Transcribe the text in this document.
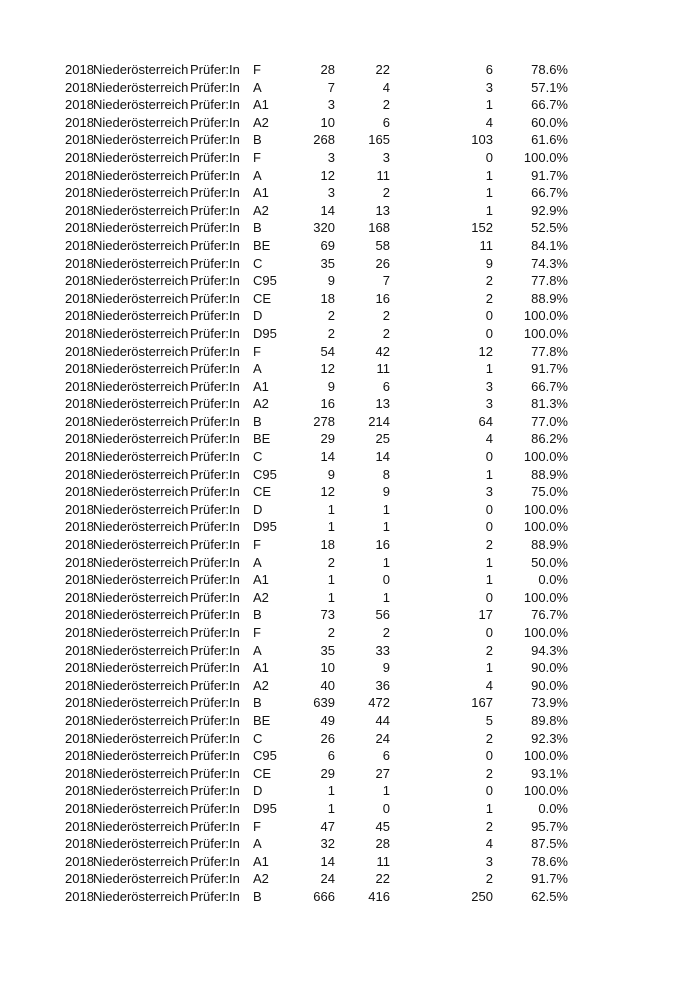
2018 Niederösterreich Prüfer:In	F	28	22	6	78.6%
2018 Niederösterreich Prüfer:In	A	7	4	3	57.1%
2018 Niederösterreich Prüfer:In	A1	3	2	1	66.7%
2018 Niederösterreich Prüfer:In	A2	10	6	4	60.0%
2018 Niederösterreich Prüfer:In	B	268	165	103	61.6%
2018 Niederösterreich Prüfer:In	F	3	3	0	100.0%
2018 Niederösterreich Prüfer:In	A	12	11	1	91.7%
2018 Niederösterreich Prüfer:In	A1	3	2	1	66.7%
2018 Niederösterreich Prüfer:In	A2	14	13	1	92.9%
2018 Niederösterreich Prüfer:In	B	320	168	152	52.5%
2018 Niederösterreich Prüfer:In	BE	69	58	11	84.1%
2018 Niederösterreich Prüfer:In	C	35	26	9	74.3%
2018 Niederösterreich Prüfer:In	C95	9	7	2	77.8%
2018 Niederösterreich Prüfer:In	CE	18	16	2	88.9%
2018 Niederösterreich Prüfer:In	D	2	2	0	100.0%
2018 Niederösterreich Prüfer:In	D95	2	2	0	100.0%
2018 Niederösterreich Prüfer:In	F	54	42	12	77.8%
2018 Niederösterreich Prüfer:In	A	12	11	1	91.7%
2018 Niederösterreich Prüfer:In	A1	9	6	3	66.7%
2018 Niederösterreich Prüfer:In	A2	16	13	3	81.3%
2018 Niederösterreich Prüfer:In	B	278	214	64	77.0%
2018 Niederösterreich Prüfer:In	BE	29	25	4	86.2%
2018 Niederösterreich Prüfer:In	C	14	14	0	100.0%
2018 Niederösterreich Prüfer:In	C95	9	8	1	88.9%
2018 Niederösterreich Prüfer:In	CE	12	9	3	75.0%
2018 Niederösterreich Prüfer:In	D	1	1	0	100.0%
2018 Niederösterreich Prüfer:In	D95	1	1	0	100.0%
2018 Niederösterreich Prüfer:In	F	18	16	2	88.9%
2018 Niederösterreich Prüfer:In	A	2	1	1	50.0%
2018 Niederösterreich Prüfer:In	A1	1	0	1	0.0%
2018 Niederösterreich Prüfer:In	A2	1	1	0	100.0%
2018 Niederösterreich Prüfer:In	B	73	56	17	76.7%
2018 Niederösterreich Prüfer:In	F	2	2	0	100.0%
2018 Niederösterreich Prüfer:In	A	35	33	2	94.3%
2018 Niederösterreich Prüfer:In	A1	10	9	1	90.0%
2018 Niederösterreich Prüfer:In	A2	40	36	4	90.0%
2018 Niederösterreich Prüfer:In	B	639	472	167	73.9%
2018 Niederösterreich Prüfer:In	BE	49	44	5	89.8%
2018 Niederösterreich Prüfer:In	C	26	24	2	92.3%
2018 Niederösterreich Prüfer:In	C95	6	6	0	100.0%
2018 Niederösterreich Prüfer:In	CE	29	27	2	93.1%
2018 Niederösterreich Prüfer:In	D	1	1	0	100.0%
2018 Niederösterreich Prüfer:In	D95	1	0	1	0.0%
2018 Niederösterreich Prüfer:In	F	47	45	2	95.7%
2018 Niederösterreich Prüfer:In	A	32	28	4	87.5%
2018 Niederösterreich Prüfer:In	A1	14	11	3	78.6%
2018 Niederösterreich Prüfer:In	A2	24	22	2	91.7%
2018 Niederösterreich Prüfer:In	B	666	416	250	62.5%
